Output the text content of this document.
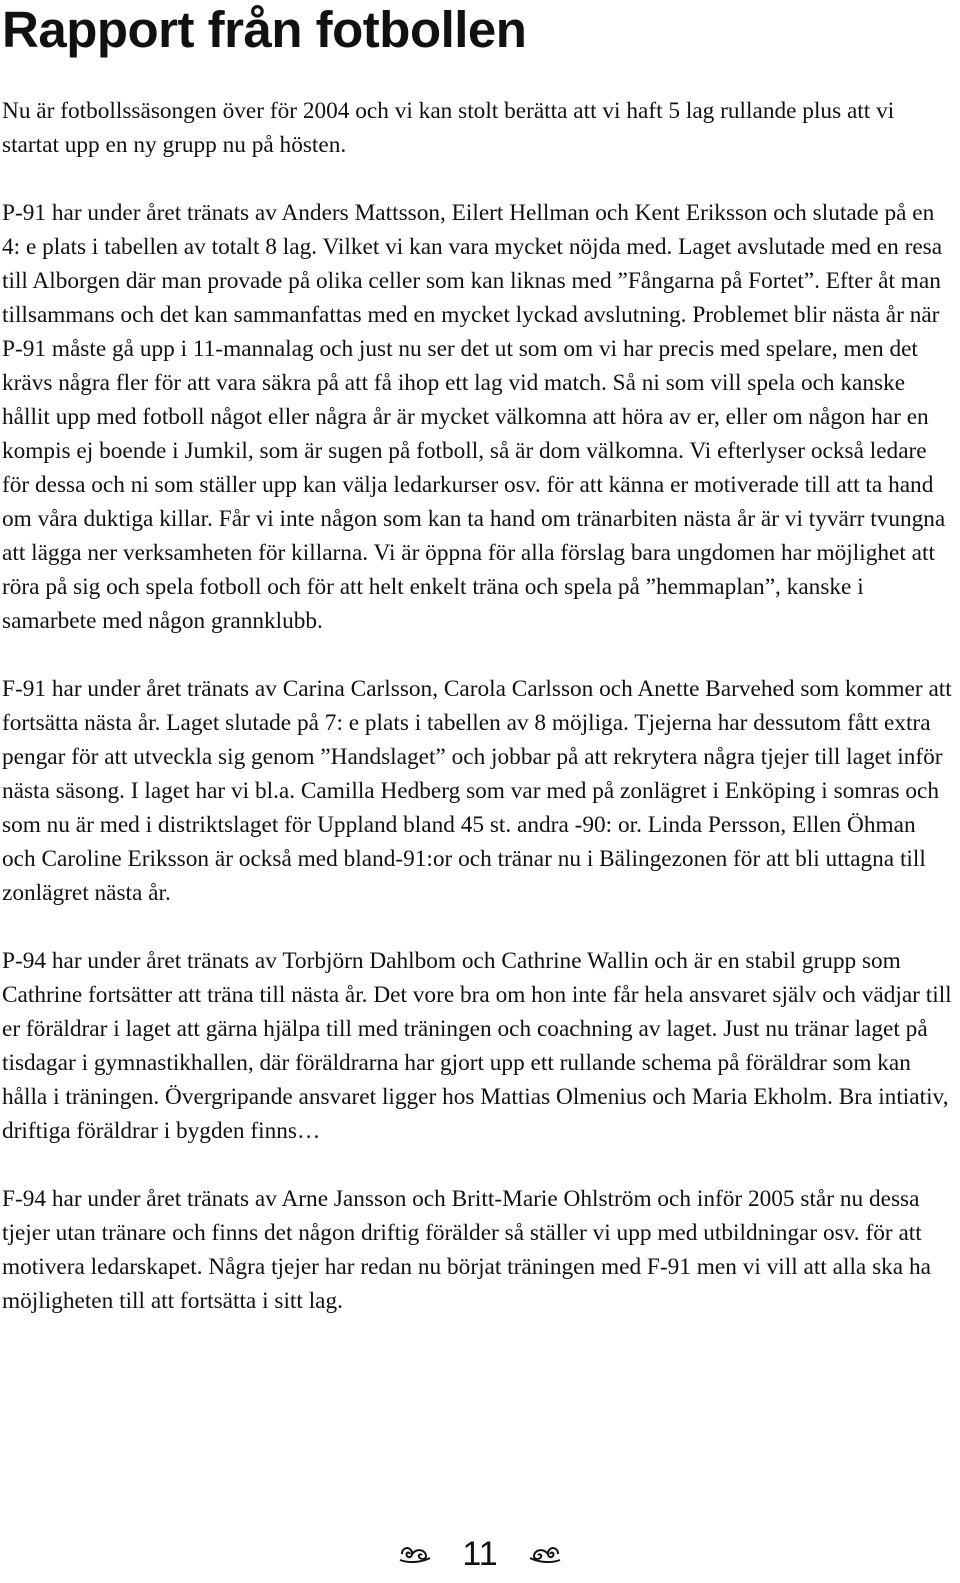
Rapport från fotbollen

Nu är fotbollssäsongen över för 2004 och vi kan stolt berätta att vi haft 5 lag rullande plus att vi startat upp en ny grupp nu på hösten.

P-91 har under året tränats av Anders Mattsson, Eilert Hellman och Kent Eriksson och slutade på en 4: e plats i tabellen av totalt 8 lag. Vilket vi kan vara mycket nöjda med. Laget avslutade med en resa till Alborgen där man provade på olika celler som kan liknas med ”Fångarna på Fortet”. Efter åt man tillsammans och det kan sammanfattas med en mycket lyckad avslutning. Problemet blir nästa år när P-91 måste gå upp i 11-mannalag och just nu ser det ut som om vi har precis med spelare, men det krävs några fler för att vara säkra på att få ihop ett lag vid match. Så ni som vill spela och kanske hållit upp med fotboll något eller några år är mycket välkomna att höra av er, eller om någon har en kompis ej boende i Jumkil, som är sugen på fotboll, så är dom välkomna. Vi efterlyser också ledare för dessa och ni som ställer upp kan välja ledarkurser osv. för att känna er motiverade till att ta hand om våra duktiga killar. Får vi inte någon som kan ta hand om tränarbiten nästa år är vi tyvärr tvungna att lägga ner verksamheten för killarna. Vi är öppna för alla förslag bara ungdomen har möjlighet att röra på sig och spela fotboll och för att helt enkelt träna och spela på ”hemmaplan”, kanske i samarbete med någon grannklubb.

F-91 har under året tränats av Carina Carlsson, Carola Carlsson och Anette Barvehed som kommer att fortsätta nästa år. Laget slutade på 7: e plats i tabellen av 8 möjliga. Tjejerna har dessutom fått extra pengar för att utveckla sig genom ”Handslaget” och jobbar på att rekrytera några tjejer till laget inför nästa säsong. I laget har vi bl.a. Camilla Hedberg som var med på zonlägret i Enköping i somras och som nu är med i distriktslaget för Uppland bland 45 st. andra -90: or. Linda Persson, Ellen Öhman och Caroline Eriksson är också med bland-91:or och tränar nu i Bälingezonen för att bli uttagna till zonlägret nästa år.

P-94 har under året tränats av Torbjörn Dahlbom och Cathrine Wallin och är en stabil grupp som Cathrine fortsätter att träna till nästa år. Det vore bra om hon inte får hela ansvaret själv och vädjar till er föräldrar i laget att gärna hjälpa till med träningen och coachning av laget. Just nu tränar laget på tisdagar i gymnastikhallen, där föräldrarna har gjort upp ett rullande schema på föräldrar som kan hålla i träningen. Övergripande ansvaret ligger hos Mattias Olmenius och Maria Ekholm. Bra intiativ, driftiga föräldrar i bygden finns…

F-94 har under året tränats av Arne Jansson och Britt-Marie Ohlström och inför 2005 står nu dessa tjejer utan tränare och finns det någon driftig förälder så ställer vi upp med utbildningar osv. för att motivera ledarskapet. Några tjejer har redan nu börjat träningen med F-91 men vi vill att alla ska ha möjligheten till att fortsätta i sitt lag.

11
